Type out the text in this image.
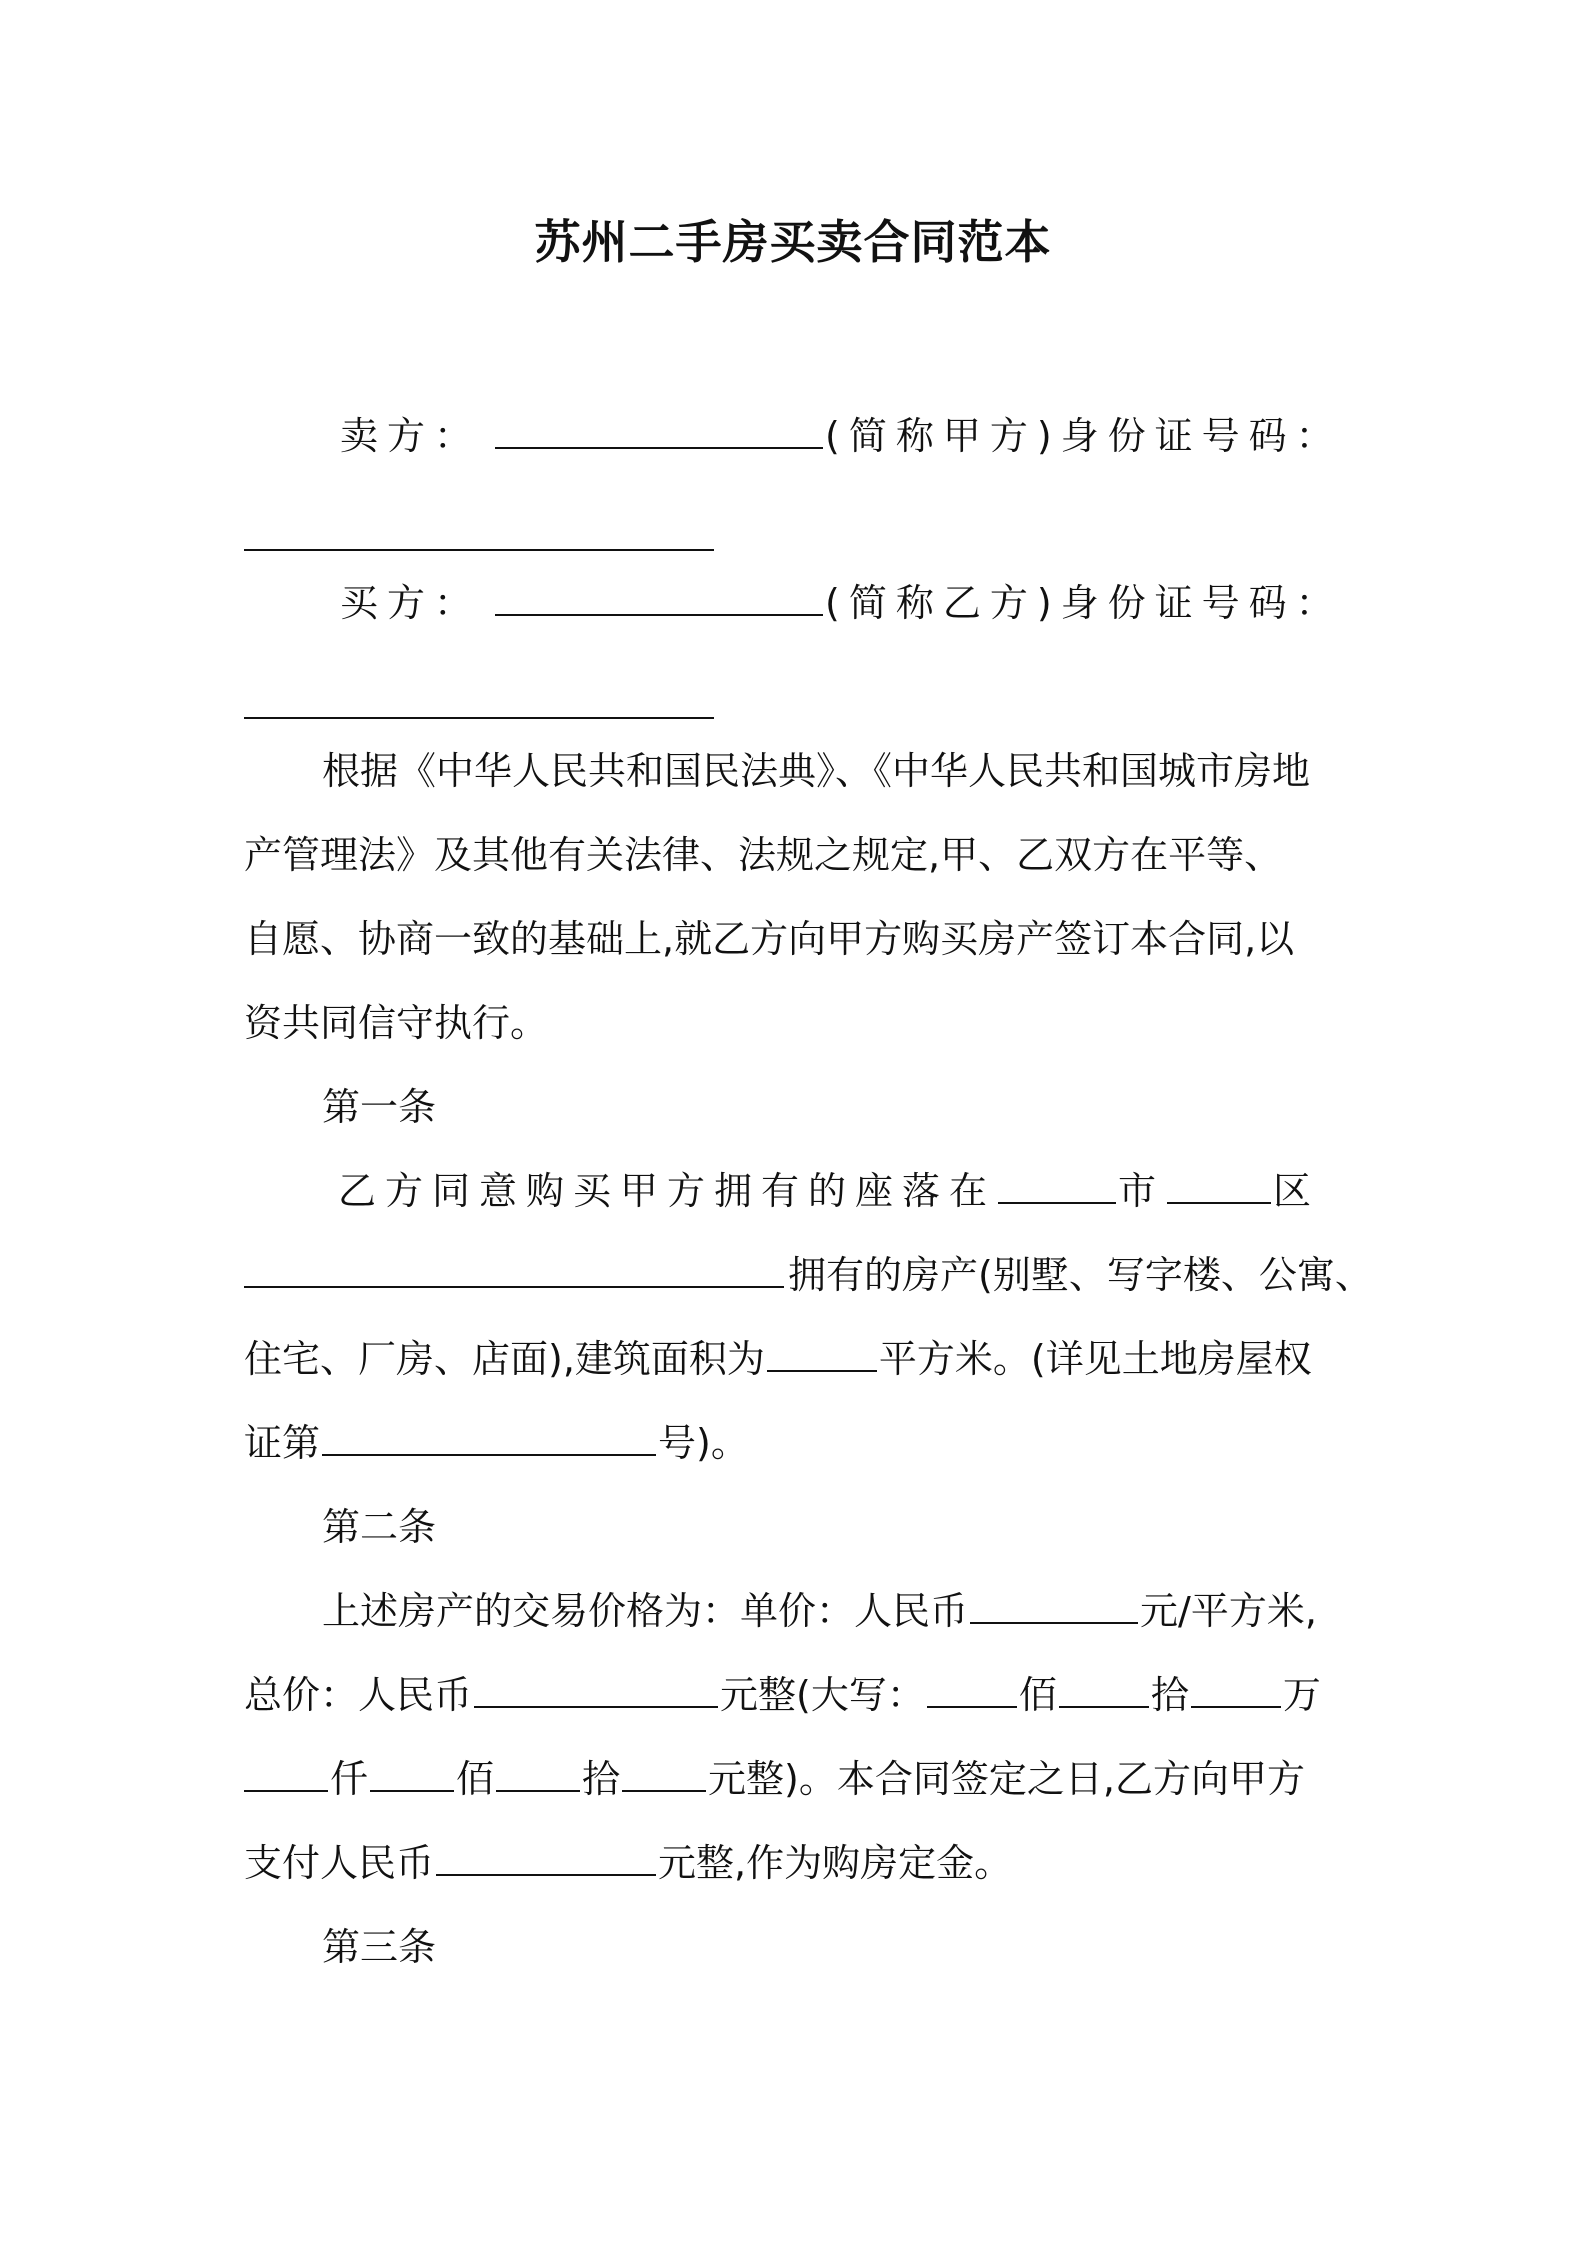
苏州二手房买卖合同范本
卖方：	(简称甲方)身份证号码：
买方：	(简称乙方)身份证号码：
根据《中华人民共和国民法典》、《中华人民共和国城市房地
产管理法》及其他有关法律、法规之规定,甲、乙双方在平等、
自愿、协商一致的基础上,就乙方向甲方购买房产签订本合同,以
资共同信守执行。
第一条
乙方同意购买甲方拥有的座落在	市	区
拥有的房产(别墅、写字楼、公寓、
住宅、厂房、店面),建筑面积为	平方米。(详见土地房屋权
证第	号)。
第二条
上述房产的交易价格为：单价：人民币	元/平方米,
总价：人民币	元整(大写： 佰 拾 万
仟 佰 拾 元整)。本合同签定之日,乙方向甲方
支付人民币	元整,作为购房定金。
第三条
